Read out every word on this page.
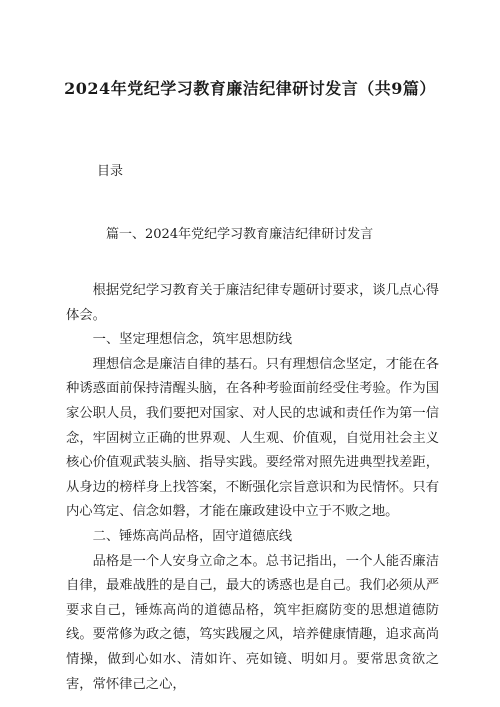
2024年党纪学习教育廉洁纪律研讨发言（共9篇）
目录
篇一、2024年党纪学习教育廉洁纪律研讨发言

根据党纪学习教育关于廉洁纪律专题研讨要求，谈几点心得体会。

一、坚定理想信念，筑牢思想防线

理想信念是廉洁自律的基石。只有理想信念坚定，才能在各种诱惑面前保持清醒头脑，在各种考验面前经受住考验。作为国家公职人员，我们要把对国家、对人民的忠诚和责任作为第一信念，牢固树立正确的世界观、人生观、价值观，自觉用社会主义核心价值观武装头脑、指导实践。要经常对照先进典型找差距，从身边的榜样身上找答案，不断强化宗旨意识和为民情怀。只有内心笃定、信念如磐，才能在廉政建设中立于不败之地。

二、锤炼高尚品格，固守道德底线

品格是一个人安身立命之本。总书记指出，一个人能否廉洁自律，最难战胜的是自己，最大的诱惑也是自己。我们必须从严要求自己，锤炼高尚的道德品格，筑牢拒腐防变的思想道德防线。要常修为政之德，笃实践履之风，培养健康情趣，追求高尚情操，做到心如水、清如许、亮如镜、明如月。要常思贪欲之害，常怀律己之心，
